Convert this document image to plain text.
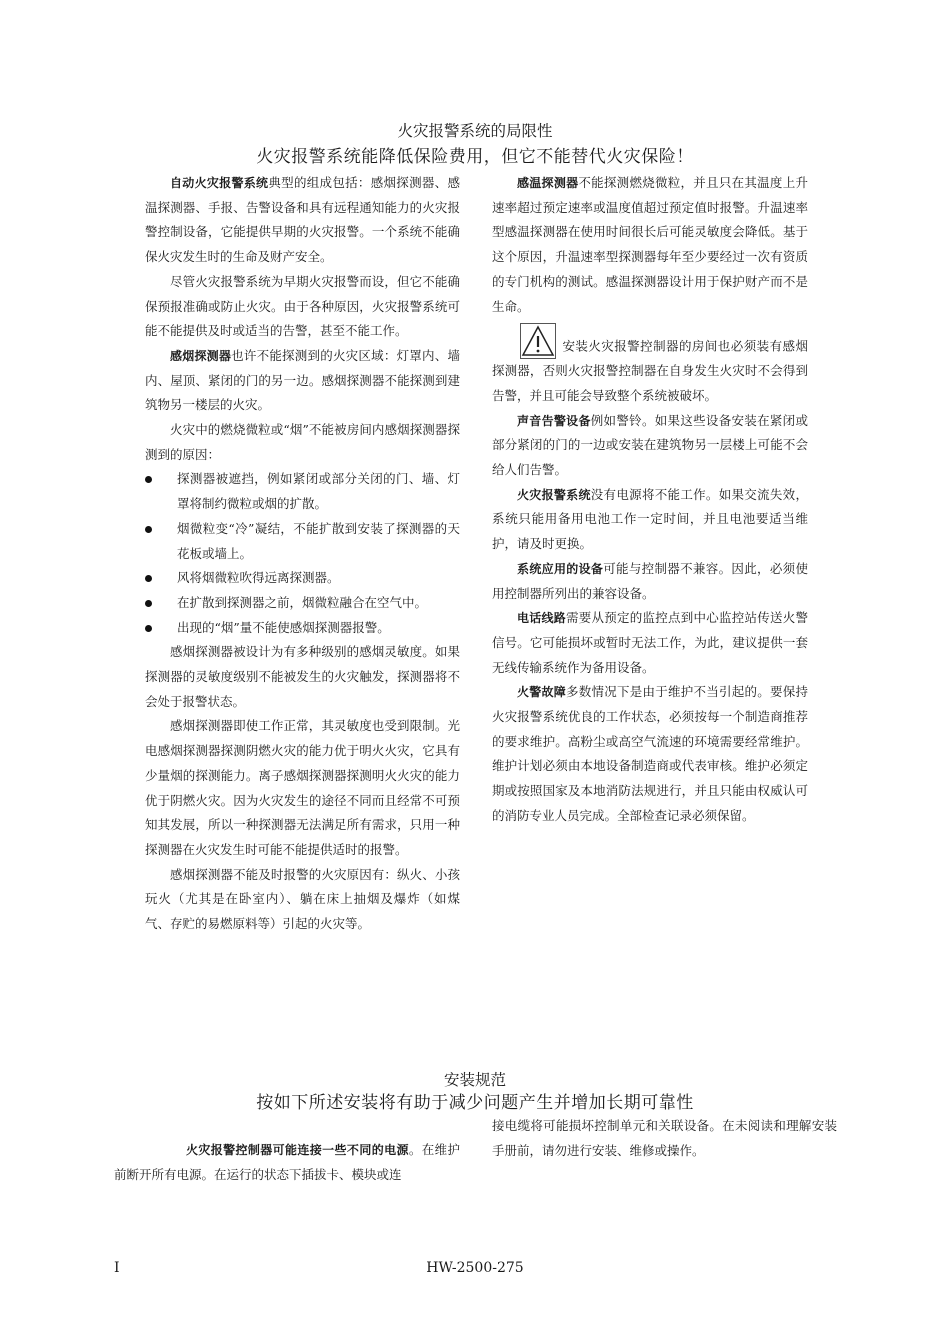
火灾报警系统的局限性
火灾报警系统能降低保险费用，但它不能替代火灾保险！

自动火灾报警系统典型的组成包括：感烟探测器、感温探测器、手报、告警设备和具有远程通知能力的火灾报警控制设备，它能提供早期的火灾报警。一个系统不能确保火灾发生时的生命及财产安全。

尽管火灾报警系统为早期火灾报警而设，但它不能确保预报准确或防止火灾。由于各种原因，火灾报警系统可能不能提供及时或适当的告警，甚至不能工作。

感烟探测器也许不能探测到的火灾区域：灯罩内、墙内、屋顶、紧闭的门的另一边。感烟探测器不能探测到建筑物另一楼层的火灾。

火灾中的燃烧微粒或“烟”不能被房间内感烟探测器探测到的原因：

探测器被遮挡，例如紧闭或部分关闭的门、墙、灯罩将制约微粒或烟的扩散。
烟微粒变“冷”凝结，不能扩散到安装了探测器的天花板或墙上。
风将烟微粒吹得远离探测器。
在扩散到探测器之前，烟微粒融合在空气中。
出现的“烟”量不能使感烟探测器报警。

感烟探测器被设计为有多种级别的感烟灵敏度。如果探测器的灵敏度级别不能被发生的火灾触发，探测器将不会处于报警状态。

感烟探测器即使工作正常，其灵敏度也受到限制。光电感烟探测器探测阴燃火灾的能力优于明火火灾，它具有少量烟的探测能力。离子感烟探测器探测明火火灾的能力优于阴燃火灾。因为火灾发生的途径不同而且经常不可预知其发展，所以一种探测器无法满足所有需求，只用一种探测器在火灾发生时可能不能提供适时的报警。

感烟探测器不能及时报警的火灾原因有：纵火、小孩玩火（尤其是在卧室内）、躺在床上抽烟及爆炸（如煤气、存贮的易燃原料等）引起的火灾等。

感温探测器不能探测燃烧微粒，并且只在其温度上升速率超过预定速率或温度值超过预定值时报警。升温速率型感温探测器在使用时间很长后可能灵敏度会降低。基于这个原因，升温速率型探测器每年至少要经过一次有资质的专门机构的测试。感温探测器设计用于保护财产而不是生命。

安装火灾报警控制器的房间也必须装有感烟探测器，否则火灾报警控制器在自身发生火灾时不会得到告警，并且可能会导致整个系统被破坏。

声音告警设备例如警铃。如果这些设备安装在紧闭或部分紧闭的门的一边或安装在建筑物另一层楼上可能不会给人们告警。

火灾报警系统没有电源将不能工作。如果交流失效，系统只能用备用电池工作一定时间，并且电池要适当维护，请及时更换。

系统应用的设备可能与控制器不兼容。因此，必须使用控制器所列出的兼容设备。

电话线路需要从预定的监控点到中心监控站传送火警信号。它可能损坏或暂时无法工作，为此，建议提供一套无线传输系统作为备用设备。

火警故障多数情况下是由于维护不当引起的。要保持火灾报警系统优良的工作状态，必须按每一个制造商推荐的要求维护。高粉尘或高空气流速的环境需要经常维护。维护计划必须由本地设备制造商或代表审核。维护必须定期或按照国家及本地消防法规进行，并且只能由权威认可的消防专业人员完成。全部检查记录必须保留。

安装规范
按如下所述安装将有助于减少问题产生并增加长期可靠性

火灾报警控制器可能连接一些不同的电源。在维护前断开所有电源。在运行的状态下插拔卡、模块或连

接电缆将可能损坏控制单元和关联设备。在未阅读和理解安装手册前，请勿进行安装、维修或操作。

I	HW-2500-275
